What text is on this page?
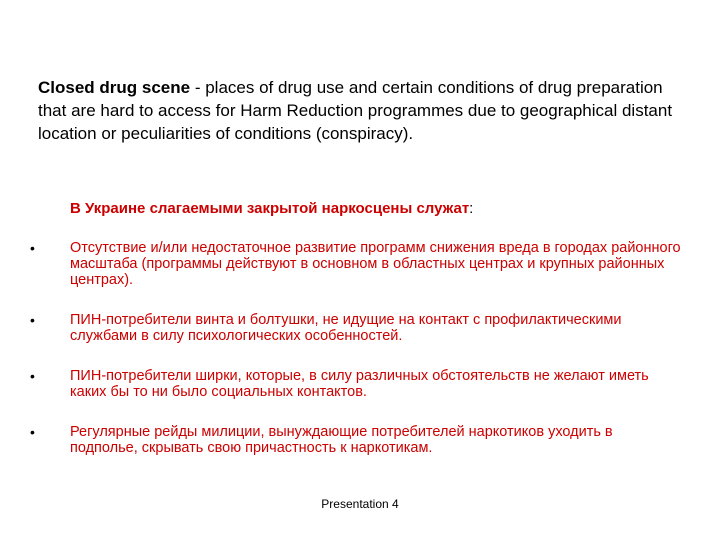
Closed drug scene - places of drug use and certain conditions of drug preparation that are hard to access for Harm Reduction programmes due to geographical distant location or peculiarities of conditions (conspiracy).

В Украине слагаемыми закрытой наркосцены служат:

• Отсутствие и/или недостаточное развитие программ снижения вреда в городах районного масштаба (программы действуют в основном в областных центрах и крупных районных центрах).
• ПИН-потребители винта и болтушки, не идущие на контакт с профилактическими службами в силу психологических особенностей.
• ПИН-потребители ширки, которые, в силу различных обстоятельств не желают иметь каких бы то ни было социальных контактов.
• Регулярные рейды милиции, вынуждающие потребителей наркотиков уходить в подполье, скрывать свою причастность к наркотикам.
Presentation 4
